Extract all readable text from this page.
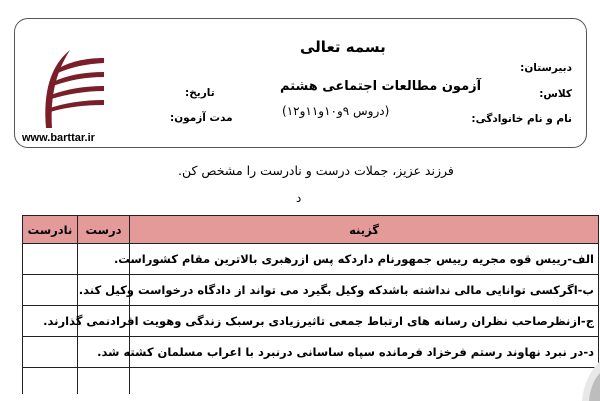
بسمه تعالی
آزمون مطالعات اجتماعی هشتم
(دروس ۹و۱۰و۱۱و۱۲)
دبیرستان:
کلاس:
نام و نام خانوادگی:
تاریخ:
مدت آزمون:
www.barttar.ir
فرزند عزیز، جملات درست و نادرست را مشخص کن.
د
نادرست	درست	گزینه
		الف-رییس قوه مجریه رییس جمهورنام داردکه پس ازرهبری بالاترین مقام کشوراست.
		ب-اگرکسی توانایی مالی نداشته باشدکه وکیل بگیرد می تواند از دادگاه درخواست وکیل کند.
		ج-ازنظرصاحب نظران رسانه های ارتباط جمعی تاثیرزیادی برسبک زندگی وهویت افرادنمی گذارند.
		د-در نبرد نهاوند رستم فرخزاد فرمانده سپاه ساسانی درنبرد با اعراب مسلمان کشته شد.
